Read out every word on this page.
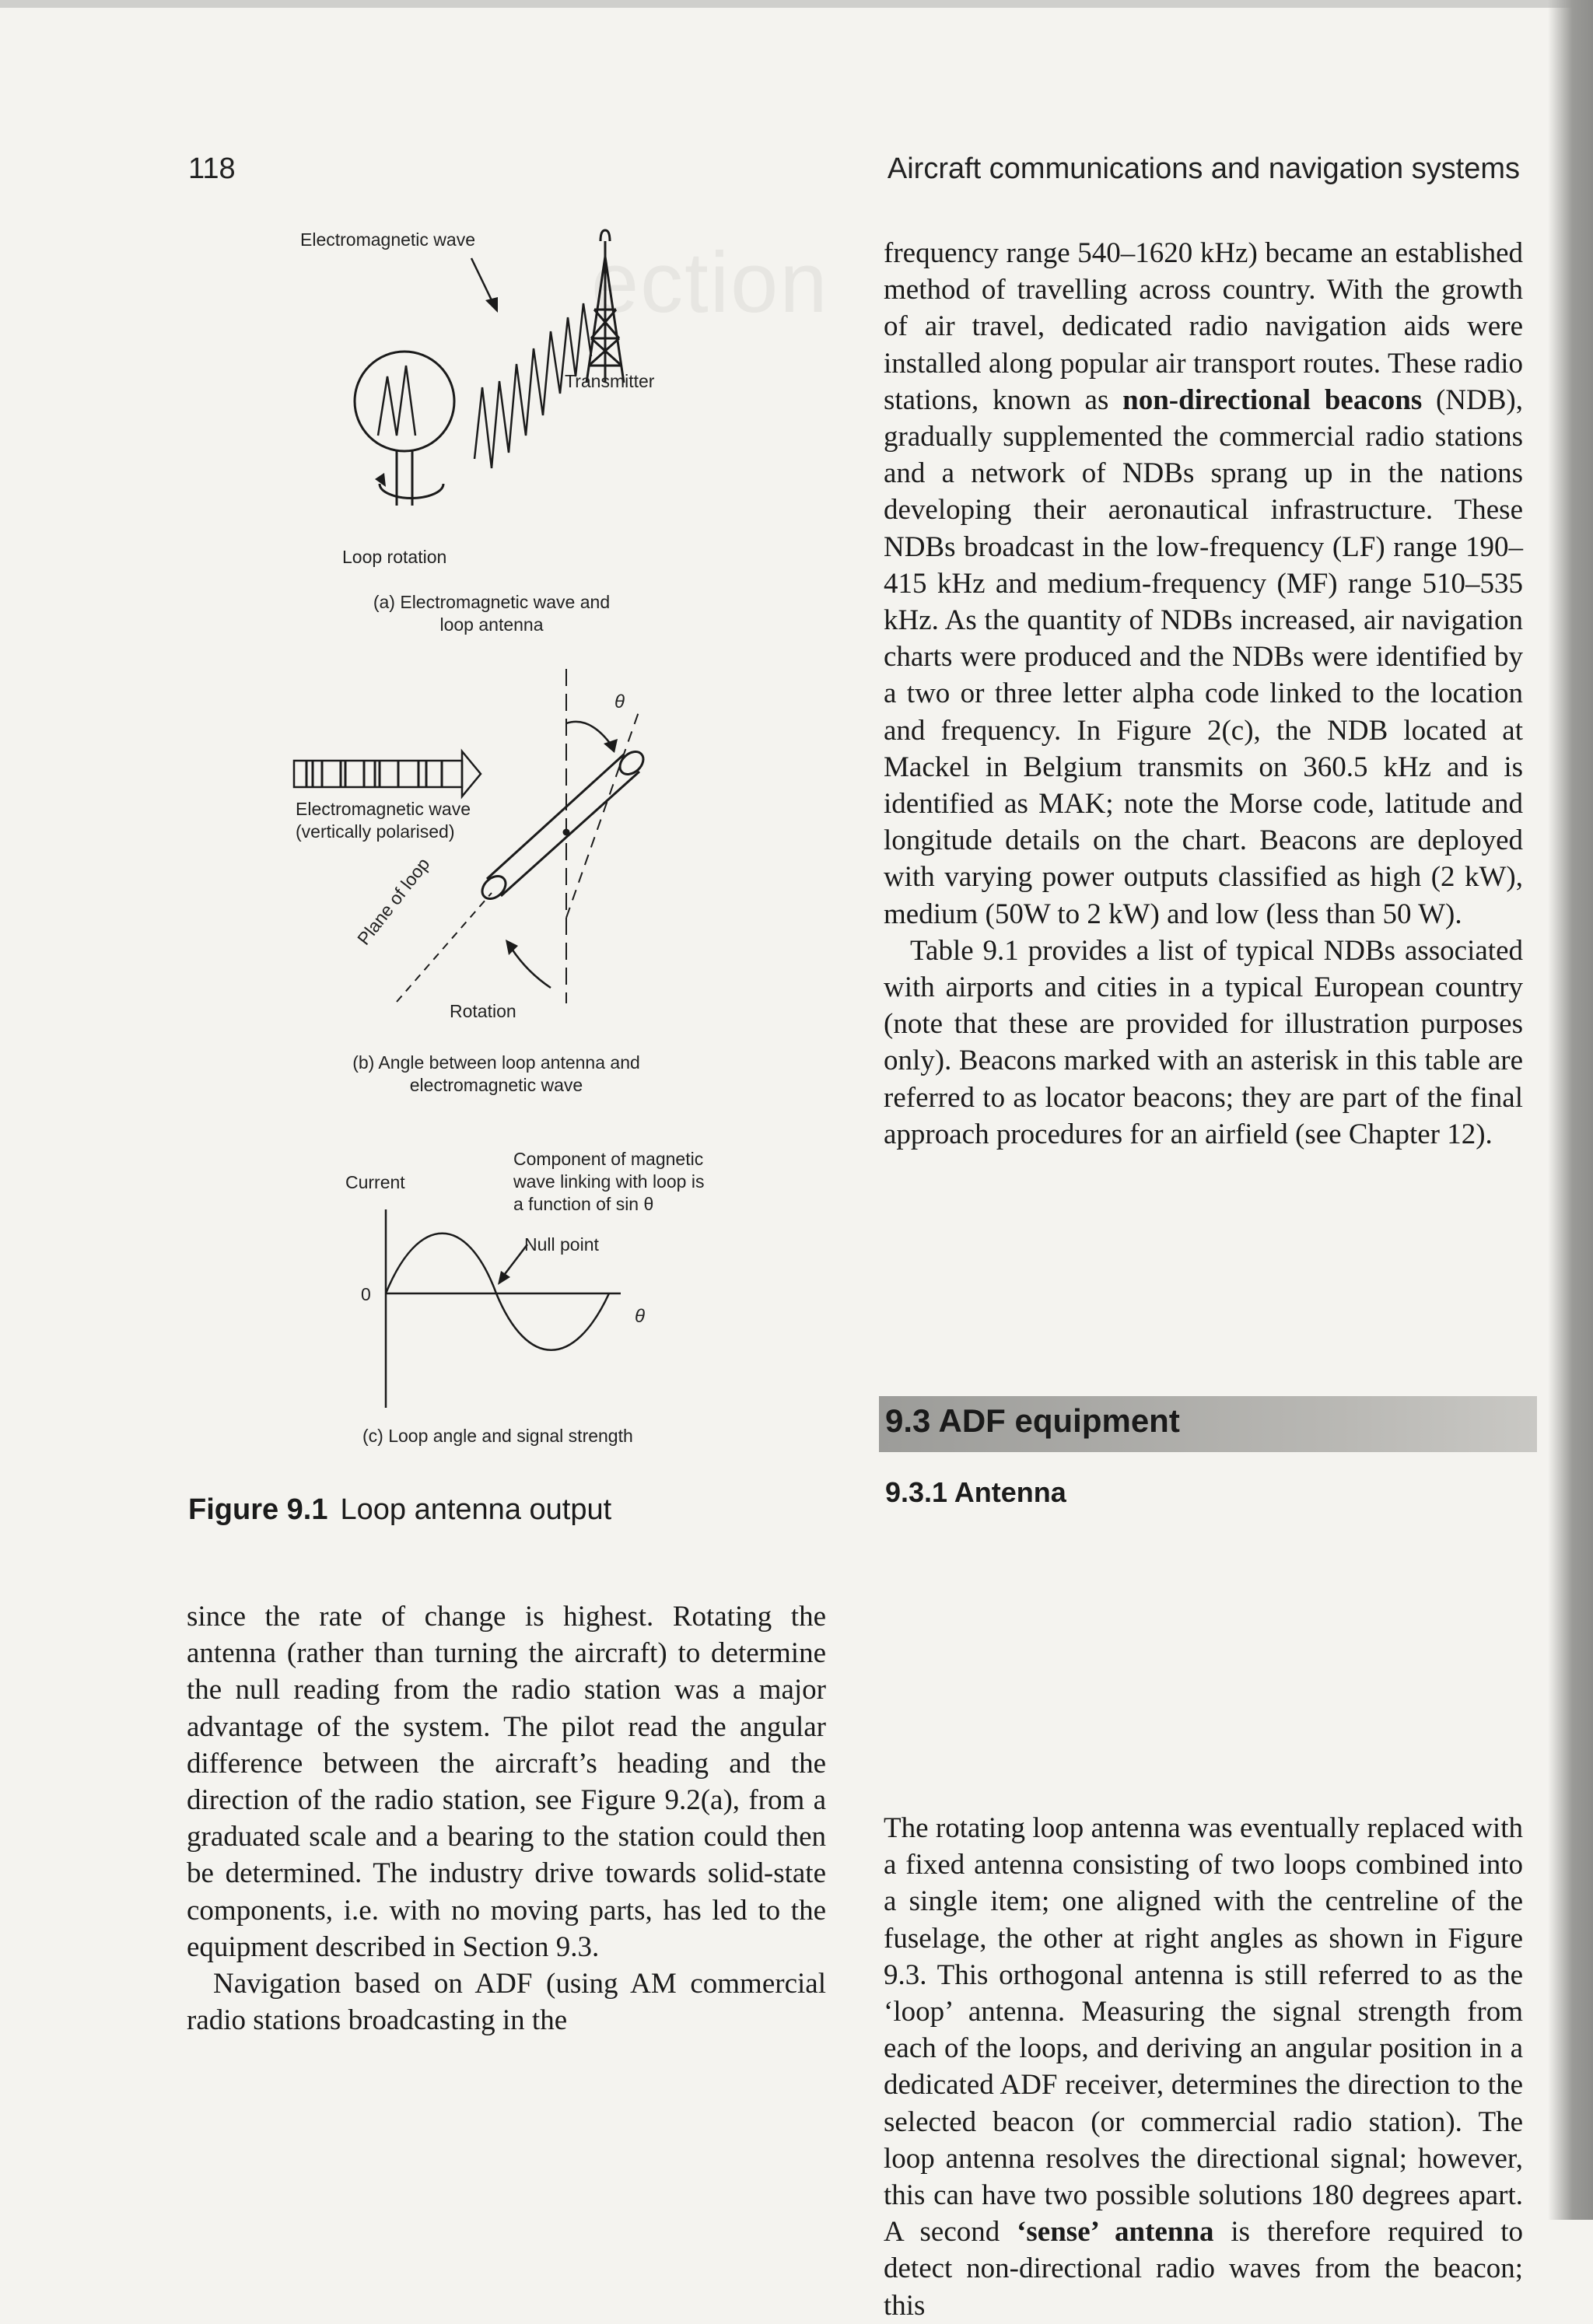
ection
118	Aircraft communications and navigation systems
Electromagnetic wave
Transmitter
Loop rotation
(a) Electromagnetic wave and
loop antenna
θ
Electromagnetic wave
(vertically polarised)
Plane of loop
Rotation
(b) Angle between loop antenna and
electromagnetic wave
Current
Component of magnetic
wave linking with loop is
a function of sin θ
Null point
0
θ
(c) Loop angle and signal strength
Figure 9.1 Loop antenna output

since the rate of change is highest. Rotating the antenna (rather than turning the aircraft) to determine the null reading from the radio station was a major advantage of the system. The pilot read the angular difference between the aircraft’s heading and the direction of the radio station, see Figure 9.2(a), from a graduated scale and a bearing to the station could then be determined. The industry drive towards solid-state components, i.e. with no moving parts, has led to the equipment described in Section 9.3.

Navigation based on ADF (using AM commercial radio stations broadcasting in the

frequency range 540–1620 kHz) became an established method of travelling across country. With the growth of air travel, dedicated radio navigation aids were installed along popular air transport routes. These radio stations, known as non-directional beacons (NDB), gradually supplemented the commercial radio stations and a network of NDBs sprang up in the nations developing their aeronautical infrastructure. These NDBs broadcast in the low-frequency (LF) range 190–415 kHz and medium-frequency (MF) range 510–535 kHz. As the quantity of NDBs increased, air navigation charts were produced and the NDBs were identified by a two or three letter alpha code linked to the location and frequency. In Figure 2(c), the NDB located at Mackel in Belgium transmits on 360.5 kHz and is identified as MAK; note the Morse code, latitude and longitude details on the chart. Beacons are deployed with varying power outputs classified as high (2 kW), medium (50W to 2 kW) and low (less than 50 W).

Table 9.1 provides a list of typical NDBs associated with airports and cities in a typical European country (note that these are provided for illustration purposes only). Beacons marked with an asterisk in this table are referred to as locator beacons; they are part of the final approach procedures for an airfield (see Chapter 12).

9.3 ADF equipment
9.3.1 Antenna

The rotating loop antenna was eventually replaced with a fixed antenna consisting of two loops combined into a single item; one aligned with the centreline of the fuselage, the other at right angles as shown in Figure 9.3. This orthogonal antenna is still referred to as the ‘loop’ antenna. Measuring the signal strength from each of the loops, and deriving an angular position in a dedicated ADF receiver, determines the direction to the selected beacon (or commercial radio station). The loop antenna resolves the directional signal; however, this can have two possible solutions 180 degrees apart. A second ‘sense’ antenna is therefore required to detect non-directional radio waves from the beacon; this
